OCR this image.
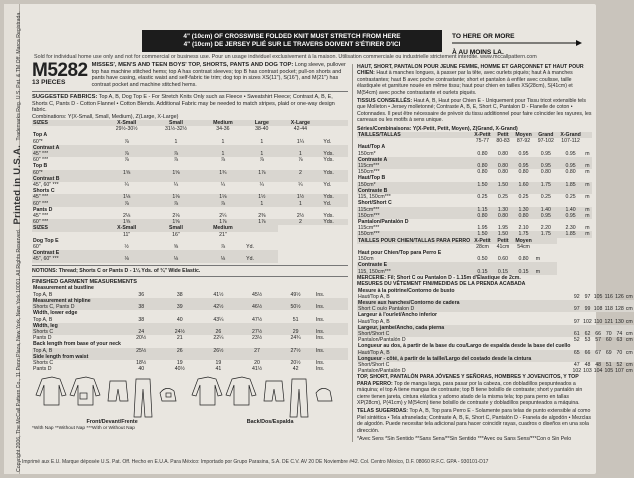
Copyright 2006, The McCall Pattern Co., 11 Penn Plaza, New York, New York 10001. All Rights Reserved.   Printed in U.S.A.   Trademarks Reg. U.S. Pat. & TM Off. Marca Registrada.	4" (10cm) OF CROSSWISE FOLDED KNIT MUST STRETCH FROM HERE
4" (10cm) DE JERSEY PLIÉ SUR LE TRAVERS DOIVENT S'ÉTIRER D'ICI
TO HERE OR MORE
À AU MOINS LA.
Sold for individual home use only and not for commercial or business use. Pour un usage individuel exclusivement à la maison. Utilisation commerciale ou industrielle strictement interdite. www.mccallpattern.com
M5282
13 PIECES
MISSES', MEN'S AND TEEN BOYS' TOP, SHORTS, PANTS AND DOG TOP: Long sleeve, pullover top has machine stitched hems; top A has contrast sleeves; top B has contrast pocket; pull-on shorts and pants have casing, elastic waist and self-fabric tie trim; dog top in sizes XS(11"), S(16"), and M(21") has contrast pocket and machine stitched hems.
SUGGESTED FABRICS: Top A, B, Dog Top E - For Stretch Knits Only such as Fleece • Sweatshirt Fleece; Contrast A, B, E, Shorts C, Pants D - Cotton Flannel • Cotton Blends. Additional Fabric may be needed to match stripes, plaid or one-way design fabric.
Combinations: Y(X-Small, Small, Medium), Z(Large, X-Large)
SIZES	X-Small	Small	Medium	Large	X-Large	
	29½-30½	31½-32½	34-36	38-40	42-44	
Top A						
60"*	⅞	1	1	1	1¼	Yd.
Contrast A						
45" ***	⅞	⅞	1	1	1	Yds.
60" ***	⅞	⅞	⅞	⅞	⅞	Yds.
Top B						
60"*	1⅝	1⅝	1¾	1⅞	2	Yds.
Contrast B						
45", 60" ***	¼	¼	¼	¼	¼	Yd.
Shorts C						
45" ***	1⅛	1⅛	1⅛	1½	1½	Yds.
60" ***	⅞	⅞	⅞	1	1	Yd.
Pants D						
45" ***	2⅛	2⅛	2¼	2⅜	2½	Yds.
60" ***	1⅝	1⅝	1⅞	1⅞	2	Yds.
SIZES	X-Small	Small	Medium			
	11"	16"	21"			
Dog Top E						
60"	½	⅝	⅞	Yd.		
Contrast E						
45", 60" ***	⅛	⅛	⅛	Yd.		
NOTIONS: Thread; Shorts C or Pants D - 1¼ Yds. of ¾" Wide Elastic.
FINISHED GARMENT MEASUREMENTS
Measurement at bustline						
Top A, B	36	38	41½	45½	49½	Ins.
Measurement at hipline						
Shorts C, Pants D	38	39	42½	46½	50½	Ins.
Width, lower edge						
Top A, B	38	40	43¼	47½	51	Ins.
Width, leg						
Shorts C	24	24½	26	27½	29	Ins.
Pants D	20½	21	22¼	23½	24¾	Ins.
Back length from base of your neck						
Top A, B	25½	26	26½	27	27½	Ins.
Side length from waist						
Shorts C	18½	19	19	20	20½	Ins.
Pants D	40	40½	41	41½	42	Ins.
Front/Devant/Frente	Back/Dos/Espalda
*With Nap **Without Nap ***With or Without Nap
HAUT, SHORT, PANTALON POUR JEUNE FEMME, HOMME ET GARÇONNET ET HAUT POUR CHIEN: Haut à manches longues, à passer par la tête, avec ourlets piqués; haut A à manches contrastantes; haut B avec poche contrastante; short et pantalon à enfiler avec coulisse, taille élastiquée et garniture nouée en même tissu; haut pour chien en tailles XS(28cm), S(41cm) et M(54cm) avec poche contrastante et ourlets piqués.
TISSUS CONSEILLÉS: Haut A, B, Haut pour Chien E - Uniquement pour Tissu tricot extensible tels que Molleton • Jersey molletonné; Contraste A, B, E, Short C, Pantalon D - Flanelle de coton • Cotonnades. Il peut être nécessaire de prévoir du tissu additionnel pour faire coïncider les rayures, les carreaux ou les motifs à sens unique.
Séries/Combinaisons: Y(X-Petit, Petit, Moyen), Z(Grand, X-Grand)
TAILLES/TALLAS	X-Petit	Petit	Moyen	Grand	X-Grand	
	75-77	80-83	87-92	97-102	107-112	
Haut/Top A						
150cm*	0.80	0.80	0.95	0.95	0.95	m
Contraste A						
115cm***	0.80	0.80	0.95	0.95	0.95	m
150cm***	0.80	0.80	0.80	0.80	0.80	m
Haut/Top B						
150cm*	1.50	1.50	1.60	1.75	1.85	m
Contraste B						
115, 150cm***	0.25	0.25	0.25	0.25	0.25	m
Short/Short C						
115cm***	1.15	1.30	1.30	1.40	1.40	m
150cm***	0.80	0.80	0.80	0.95	0.95	m
Pantalon/Pantalón D						
115cm***	1.95	1.95	2.10	2.20	2.30	m
150cm***	1.50	1.50	1.75	1.75	1.85	m
TAILLES POUR CHIEN/TALLAS PARA PERRO	X-Petit	Petit	Moyen			
	28cm	41cm	54cm			
Haut pour Chien/Top para Perro E						
150cm	0.50	0.60	0.80	m		
Contraste E						
115, 150cm***	0.15	0.15	0.15	m		
MERCERIE: Fil; Short C ou Pantalon D - 1.15m d'Élastique de 2cm.
MESURES DU VÊTEMENT FINI/MEDIDAS DE LA PRENDA ACABADA
Mesure à la poitrine/Contorno de busto						
Haut/Top A, B	92	97	105	116	126	cm
Mesure aux hanches/Contorno de cadera						
Short C ou/o Pantalon D	97	99	108	118	128	cm
Largeur à l'ourlet/Ancho inferior						
Haut/Top A, B	97	102	110	121	130	cm
Largeur, jambe/Ancho, cada pierna						
Short/Short C	61	62	66	70	74	cm
Pantalon/Pantalón D	52	53	57	60	63	cm
Longueur au dos, à partir de la base du cou/Largo de espalda desde la base del cuello						
Haut/Top A, B	65	66	67	69	70	cm
Longueur - côté, à partir de la taille/Largo del costado desde la cintura						
Short/Short C	47	48	48	51	52	cm
Pantalon/Pantalón D	102	103	104	105	107	cm
TOP, SHORT, PANTALÓN PARA JÓVENES Y SEÑORAS, HOMBRES Y JOVENCITOS, Y TOP PARA PERRO: Top de manga larga, para pasar por la cabeza, con dobladillos pespunteados a máquina; el top A tiene mangas de contraste; top B tiene bolsillo de contraste; short y pantalón sin cierre tienen jareta, cintura elástica y adorno atado de la misma tela; top para perro en tallas XP(28cm), P(41cm) y M(54cm) tiene bolsillo de contraste y dobladillos pespunteados a máquina.
TELAS SUGERIDAS: Top A, B, Top para Perro E - Solamente para telas de punto extensible al como Piel sintética • Tela afranelada; Contraste A, B, E, Short C, Pantalón D - Franela de algodón • Mezclas de algodón. Puede necesitar tela adicional para hacer coincidir rayas, cuadros o diseños en una sola dirección.
*Avec Sens *Sin Sentido **Sans Sens/**Sin Sentido ***Avec ou Sans Sens/***Con o Sin Pelo
Imprimé aux E.U. Marque déposée U.S. Pat. Off. Hecho en E.U.A. Para México: Importado por Grupo Parasina, S.A. DE C.V. AV 20 DE Noviembre #42. Col. Centro México, D.F. 08060 R.F.C. GPA - 930101-D17
